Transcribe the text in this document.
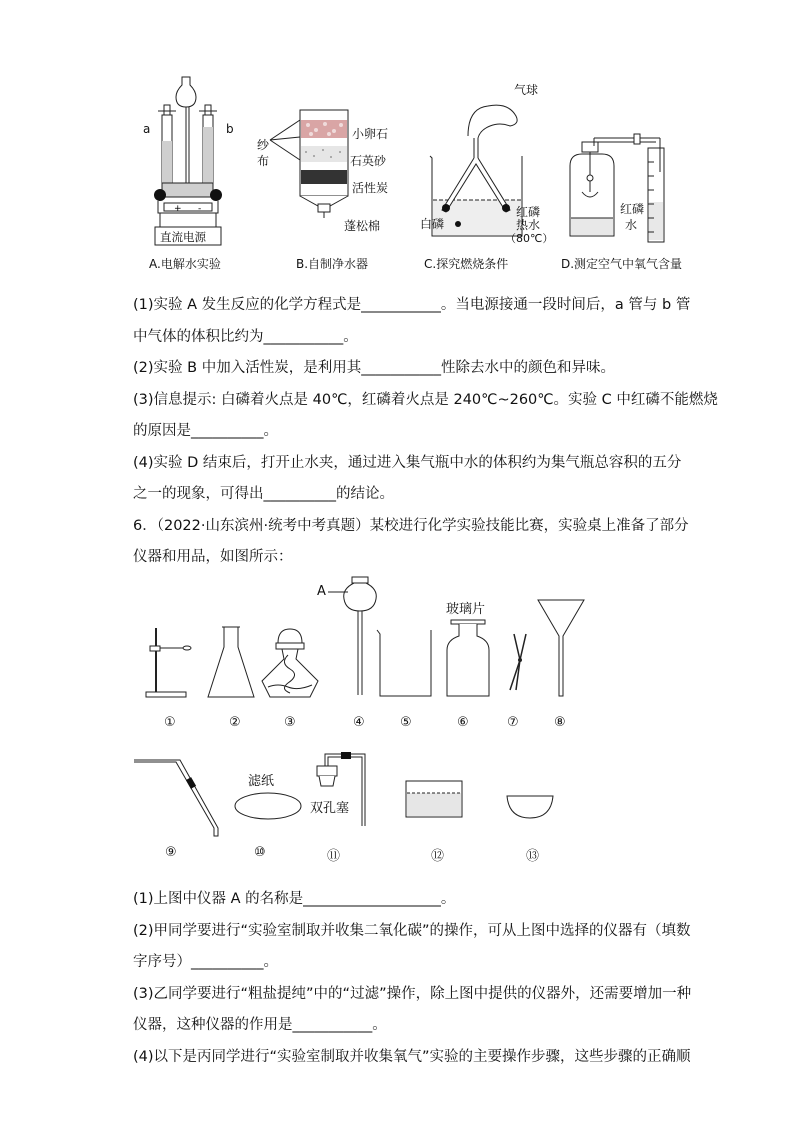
+ -
a	b
直流电源
A.电解水实验
纱
布
小卵石
石英砂
活性炭
蓬松棉
B.自制净水器
气球
红磷
热水
（80℃）
白磷
C.探究燃烧条件
红磷
水
D.测定空气中氧气含量
(1)实验 A 发生反应的化学方程式是___________。当电源接通一段时间后，a 管与 b 管
中气体的体积比约为___________。
(2)实验 B 中加入活性炭，是利用其___________性除去水中的颜色和异味。
(3)信息提示: 白磷着火点是 40℃，红磷着火点是 240℃~260℃。实验 C 中红磷不能燃烧
的原因是__________。
(4)实验 D 结束后，打开止水夹，通过进入集气瓶中水的体积约为集气瓶总容积的五分
之一的现象，可得出__________的结论。
6．（2022·山东滨州·统考中考真题）某校进行化学实验技能比赛，实验桌上准备了部分
仪器和用品，如图所示：
A
玻璃片
①	②	③	④	⑤	⑥	⑦	⑧
滤纸
双孔塞
⑨	⑩	⑪	⑫	⑬
(1)上图中仪器 A 的名称是___________________。
(2)甲同学要进行“实验室制取并收集二氧化碳”的操作，可从上图中选择的仪器有（填数
字序号）__________。
(3)乙同学要进行“粗盐提纯”中的“过滤”操作，除上图中提供的仪器外，还需要增加一种
仪器，这种仪器的作用是___________。
(4)以下是丙同学进行“实验室制取并收集氧气”实验的主要操作步骤，这些步骤的正确顺
